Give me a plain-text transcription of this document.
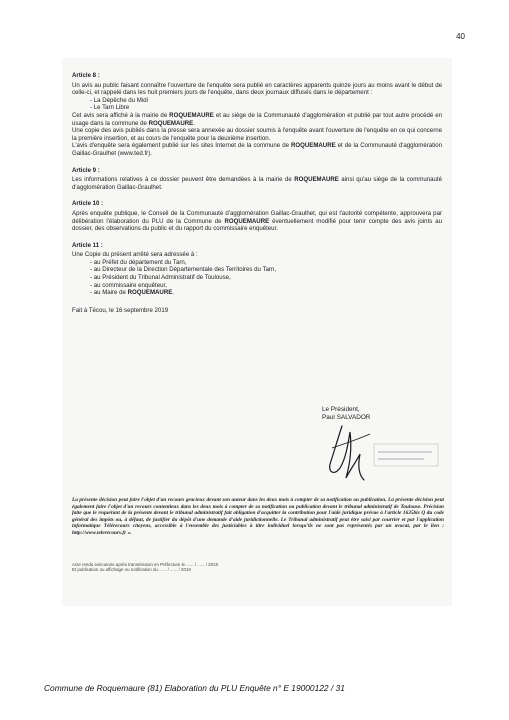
40
Article 8 :

Un avis au public faisant connaître l'ouverture de l'enquête sera publié en caractères apparents quinze jours au moins avant le début de celle-ci, et rappelé dans les huit premiers jours de l'enquête, dans deux journaux diffusés dans le département :

- La Dépêche du Midi
- Le Tarn Libre

Cet avis sera affiché à la mairie de ROQUEMAURE et au siège de la Communauté d'agglomération et publié par tout autre procédé en usage dans la commune de ROQUEMAURE.

Une copie des avis publiés dans la presse sera annexée au dossier soumis à l'enquête avant l'ouverture de l'enquête en ce qui concerne la première insertion, et au cours de l'enquête pour la deuxième insertion.

L'avis d'enquête sera également publié sur les sites Internet de la commune de ROQUEMAURE et de la Communauté d'agglomération Gaillac-Graulhet (www.ted.fr).

Article 9 :

Les informations relatives à ce dossier peuvent être demandées à la mairie de ROQUEMAURE ainsi qu'au siège de la communauté d'agglomération Gaillac-Graulhet.

Article 10 :

Après enquête publique, le Conseil de la Communauté d'agglomération Gaillac-Graulhet, qui est l'autorité compétente, approuvera par délibération l'élaboration du PLU de la Commune de ROQUEMAURE éventuellement modifié pour tenir compte des avis joints au dossier, des observations du public et du rapport du commissaire enquêteur.

Article 11 :

Une Copie du présent arrêté sera adressée à :

- au Préfet du département du Tarn,
- au Directeur de la Direction Départementale des Territoires du Tarn,
- au Président du Tribunal Administratif de Toulouse,
- au commissaire enquêteur,
- au Maire de ROQUEMAURE.
Fait à Técou, le 16 septembre 2019
Le Président,
Paul SALVADOR

La présente décision peut faire l'objet d'un recours gracieux devant son auteur dans les deux mois à compter de sa notification ou publication. La présente décision peut également faire l'objet d'un recours contentieux dans les deux mois à compter de sa notification ou publication devant le tribunal administratif de Toulouse. Précision faite que le requérant de la présente devant le tribunal administratif fait obligation d'acquitter la contribution pour l'aide juridique prévue à l'article 1635bis Q du code général des impôts ou, à défaut, de justifier du dépôt d'une demande d'aide juridictionnelle. Le Tribunal administratif peut être saisi par courrier et par l'application informatique Télérecours citoyens, accessible à l'ensemble des justiciables à titre individuel lorsqu'ils ne sont pas représentés par un avocat, par le lien : http://www.telerecours.fr ».

Acte rendu exécutoire après transmission en Préfecture le ...... / ...... / 2019
Et publication ou affichage ou notification du ...... / ...... / 2019
Commune de Roquemaure (81) Elaboration du PLU Enquête n° E 19000122 / 31
